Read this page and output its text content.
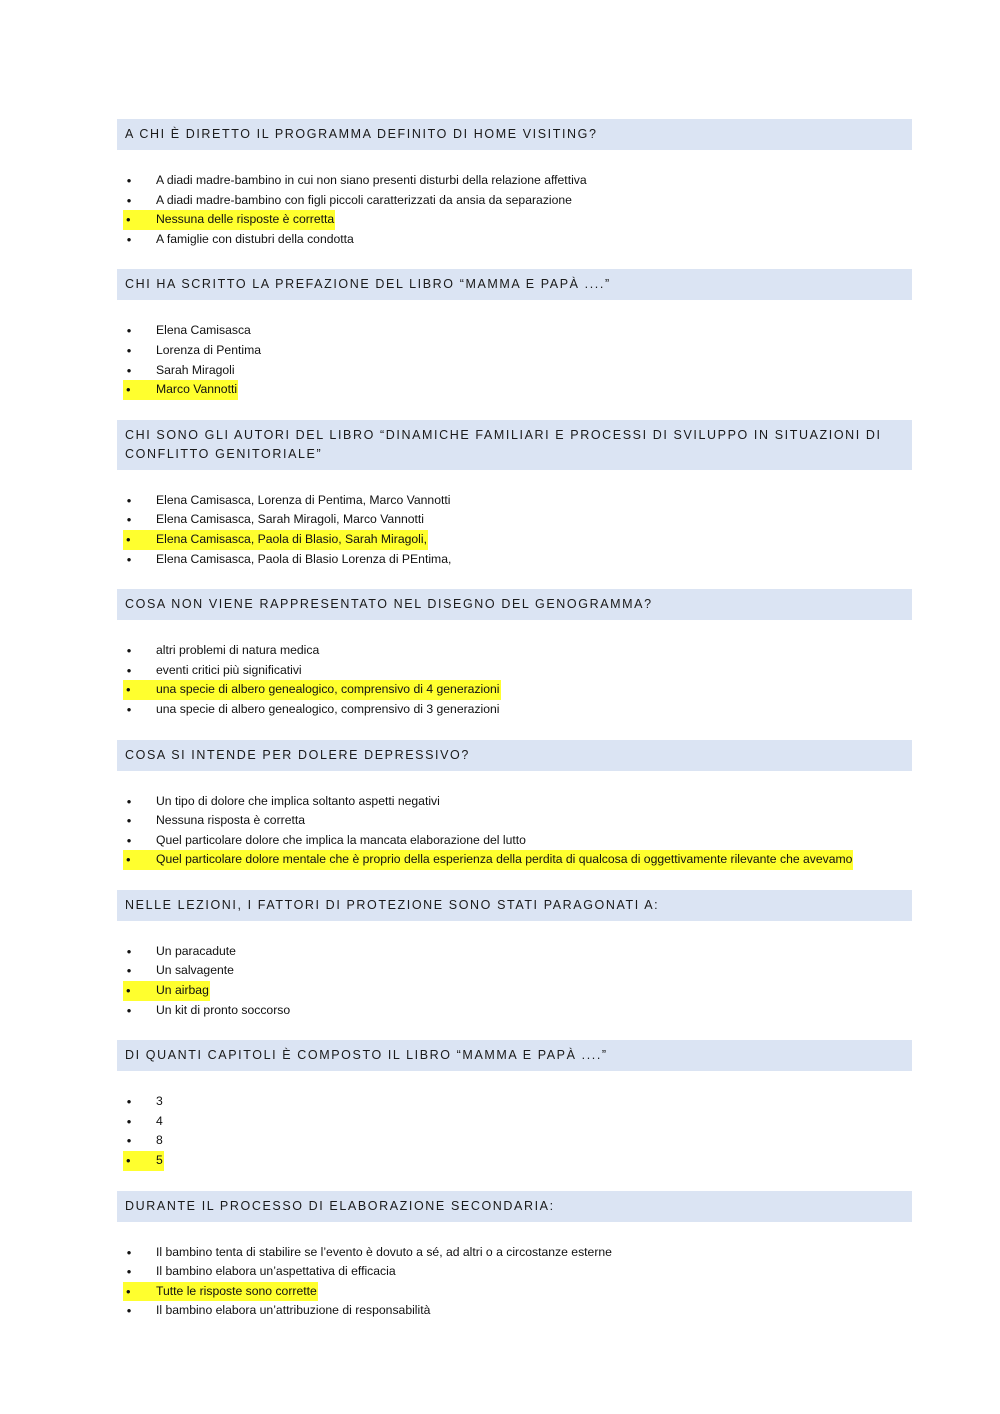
A CHI È DIRETTO IL PROGRAMMA DEFINITO DI HOME VISITING?
•	A diadi madre-bambino in cui non siano presenti disturbi della relazione affettiva
•	A diadi madre-bambino con figli piccoli caratterizzati da ansia da separazione
•	Nessuna delle risposte è corretta
•	A famiglie con distubri della condotta
CHI HA SCRITTO LA PREFAZIONE DEL LIBRO “MAMMA E PAPÀ ....”
•	Elena Camisasca
•	Lorenza di Pentima
•	Sarah Miragoli
•	Marco Vannotti
CHI SONO GLI AUTORI DEL LIBRO “DINAMICHE FAMILIARI E PROCESSI DI SVILUPPO IN SITUAZIONI DI CONFLITTO GENITORIALE”
•	Elena Camisasca, Lorenza di Pentima, Marco Vannotti
•	Elena Camisasca, Sarah Miragoli, Marco Vannotti
•	Elena Camisasca, Paola di Blasio, Sarah Miragoli,
•	Elena Camisasca, Paola di Blasio Lorenza di PEntima,
COSA NON VIENE RAPPRESENTATO NEL DISEGNO DEL GENOGRAMMA?
•	altri problemi di natura medica
•	eventi critici più significativi
•	una specie di albero genealogico, comprensivo di 4 generazioni
•	una specie di albero genealogico, comprensivo di 3 generazioni
COSA SI INTENDE PER DOLERE DEPRESSIVO?
•	Un tipo di dolore che implica soltanto aspetti negativi
•	Nessuna risposta è corretta
•	Quel particolare dolore che implica la mancata elaborazione del lutto
•	Quel particolare dolore mentale che è proprio della esperienza della perdita di qualcosa di oggettivamente rilevante che avevamo
NELLE LEZIONI, I FATTORI DI PROTEZIONE SONO STATI PARAGONATI A:
•	Un paracadute
•	Un salvagente
•	Un airbag
•	Un kit di pronto soccorso
DI QUANTI CAPITOLI È COMPOSTO IL LIBRO “MAMMA E PAPÀ ....”
•	3
•	4
•	8
•	5
DURANTE IL PROCESSO DI ELABORAZIONE SECONDARIA:
•	Il bambino tenta di stabilire se l’evento è dovuto a sé, ad altri o a circostanze esterne
•	Il bambino elabora un’aspettativa di efficacia
•	Tutte le risposte sono corrette
•	Il bambino elabora un’attribuzione di responsabilità
